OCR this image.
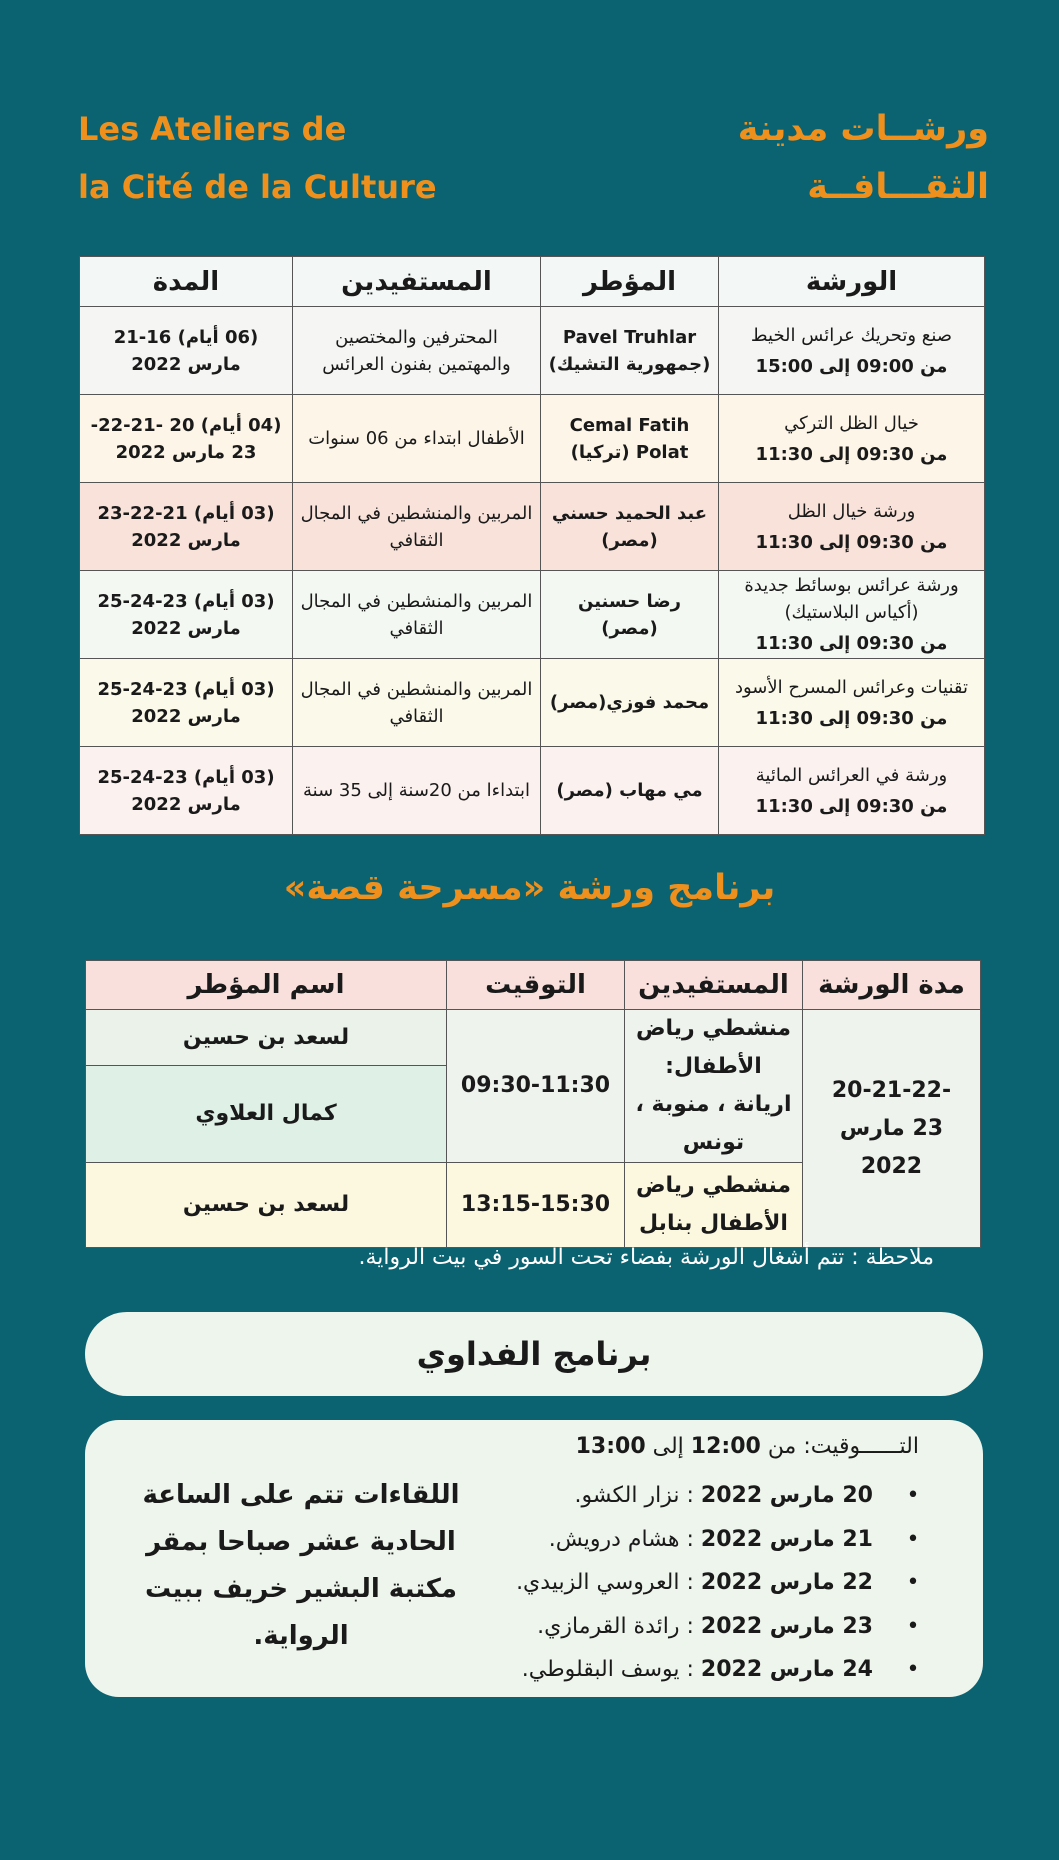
Les Ateliers de
la Cité de la Culture
ورشــات مدينة
الثقـــافــة
الورشة	المؤطر	المستفيدين	المدة

صنع وتحريك عرائس الخيط
من 09:00 إلى 15:00	Pavel Truhlar (جمهورية التشيك)	المحترفين والمختصين والمهتمين بفنون العرائس	(06 أيام) 16-21 مارس 2022

خيال الظل التركي
من 09:30 إلى 11:30	Cemal Fatih Polat (تركيا)	الأطفال ابتداء من 06 سنوات	(04 أيام) 20 -21-22- 23 مارس 2022

ورشة خيال الظل
من 09:30 إلى 11:30	عبد الحميد حسني (مصر)	المربين والمنشطين في المجال الثقافي	(03 أيام) 21-22-23 مارس 2022

ورشة عرائس بوسائط جديدة (أكياس البلاستيك)
من 09:30 إلى 11:30	رضا حسنين (مصر)	المربين والمنشطين في المجال الثقافي	(03 أيام) 23-24-25 مارس 2022

تقنيات وعرائس المسرح الأسود
من 09:30 إلى 11:30	محمد فوزي(مصر)	المربين والمنشطين في المجال الثقافي	(03 أيام) 23-24-25 مارس 2022

ورشة في العرائس المائية
من 09:30 إلى 11:30	مي مهاب (مصر)	ابتداءا من 20سنة إلى 35 سنة	(03 أيام) 23-24-25 مارس 2022
برنامج ورشة «مسرحة قصة»
مدة الورشة	المستفيدين	التوقيت	اسم المؤطر
20-21-22-23 مارس 2022	منشطي رياض الأطفال: اريانة ، منوبة ، تونس	09:30-11:30	لسعد بن حسين
			كمال العلاوي
	منشطي رياض الأطفال بنابل	13:15-15:30	لسعد بن حسين

ملاحظة : تتم أشغال الورشة بفضاء تحت السور في بيت الرواية.

برنامج الفداوي

التــــــوقيت: من 12:00 إلى 13:00

•20 مارس 2022 : نزار الكشو.
•21 مارس 2022 : هشام درويش.
•22 مارس 2022 : العروسي الزبيدي.
•23 مارس 2022 : رائدة القرمازي.
•24 مارس 2022 : يوسف البقلوطي.

اللقاءات تتم على الساعة الحادية عشر صباحا بمقر مكتبة البشير خريف ببيت الرواية.
